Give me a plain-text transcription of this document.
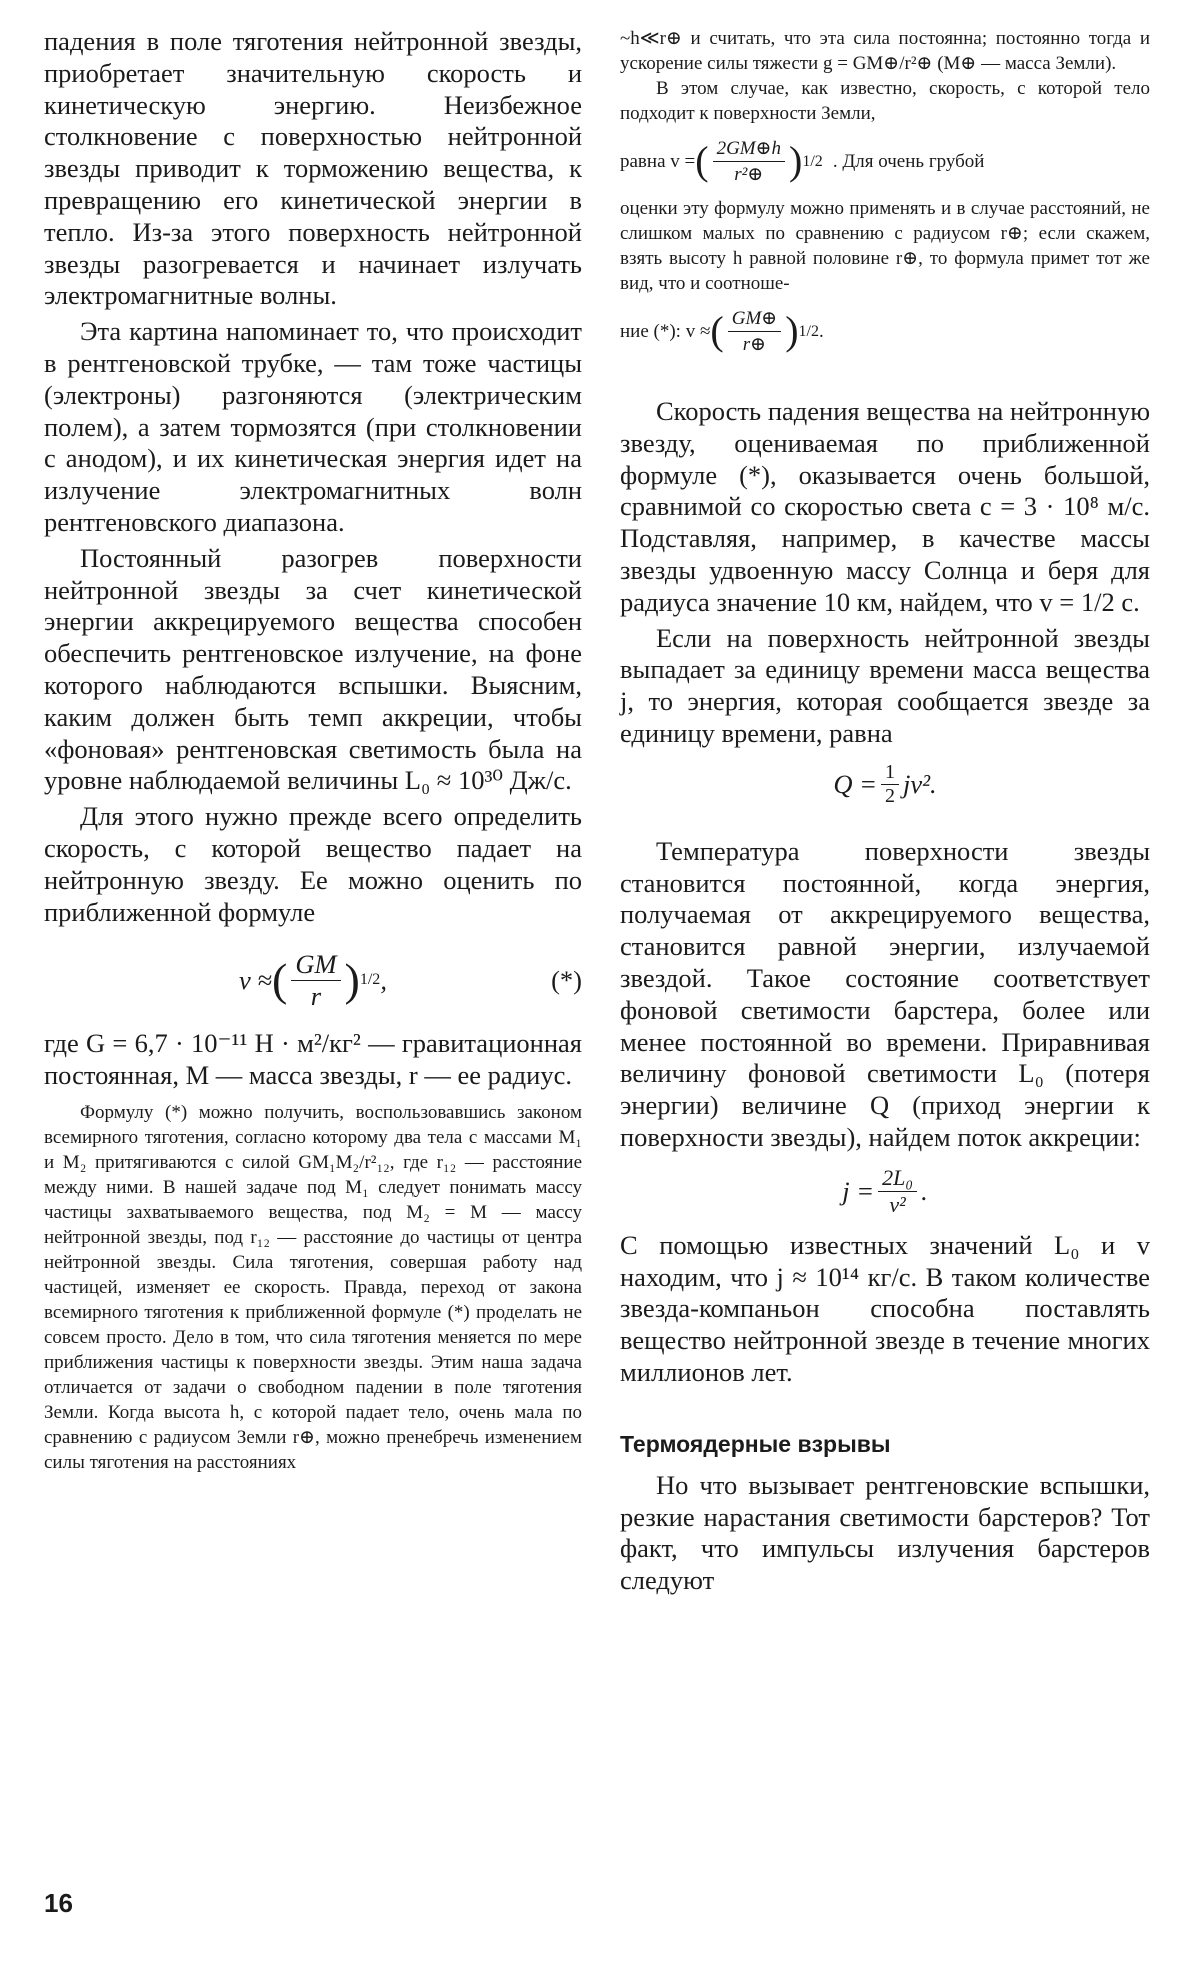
падения в поле тяготения нейтронной звезды, приобретает значительную скорость и кинетическую энергию. Неизбежное столкновение с поверхностью нейтронной звезды приводит к торможению вещества, к превращению его кинетической энергии в тепло. Из-за этого поверхность нейтронной звезды разогревается и начинает излучать электромагнитные волны.

Эта картина напоминает то, что происходит в рентгеновской трубке, — там тоже частицы (электроны) разгоняются (электрическим полем), а затем тормозятся (при столкновении с анодом), и их кинетическая энергия идет на излучение электромагнитных волн рентгеновского диапазона.

Постоянный разогрев поверхности нейтронной звезды за счет кинетической энергии аккрецируемого вещества способен обеспечить рентгеновское излучение, на фоне которого наблюдаются вспышки. Выясним, каким должен быть темп аккреции, чтобы «фоновая» рентгеновская светимость была на уровне наблюдаемой величины L₀ ≈ 10³⁰ Дж/с.

Для этого нужно прежде всего определить скорость, с которой вещество падает на нейтронную звезду. Ее можно оценить по приближенной формуле

v ≈ ( $\frac{GM}{r}$ ) 1/2 ,	(*)

где G = 6,7 · 10⁻¹¹ Н · м²/кг² — гравитационная постоянная, M — масса звезды, r — ее радиус.

Формулу (*) можно получить, воспользовавшись законом всемирного тяготения, согласно которому два тела с массами M₁ и M₂ притягиваются с силой GM₁M₂/r²₁₂, где r₁₂ — расстояние между ними. В нашей задаче под M₁ следует понимать массу частицы захватываемого вещества, под M₂ = M — массу нейтронной звезды, под r₁₂ — расстояние до частицы от центра нейтронной звезды. Сила тяготения, совершая работу над частицей, изменяет ее скорость. Правда, переход от закона всемирного тяготения к приближенной формуле (*) проделать не совсем просто. Дело в том, что сила тяготения меняется по мере приближения частицы к поверхности звезды. Этим наша задача отличается от задачи о свободном падении в поле тяготения Земли. Когда высота h, с которой падает тело, очень мала по сравнению с радиусом Земли r⊕, можно пренебречь изменением силы тяготения на расстояниях

~h≪r⊕ и считать, что эта сила постоянна; постоянно тогда и ускорение силы тяжести g = GM⊕/r²⊕ (M⊕ — масса Земли).

В этом случае, как известно, скорость, с которой тело подходит к поверхности Земли,

равна v = ( $\frac{2GM\oplus h}{\text{r²⊕}}$ ) 1/2 . Для очень грубой

оценки эту формулу можно применять и в случае расстояний, не слишком малых по сравнению с радиусом r⊕; если скажем, взять высоту h равной половине r⊕, то формула примет тот же вид, что и соотноше-

ние (*): v ≈ ( $\frac{GM\oplus}{r\oplus}$ ) 1/2 .

Скорость падения вещества на нейтронную звезду, оцениваемая по приближенной формуле (*), оказывается очень большой, сравнимой со скоростью света c = 3 · 10⁸ м/с. Подставляя, например, в качестве массы звезды удвоенную массу Солнца и беря для радиуса значение 10 км, найдем, что v = 1/2 c.

Если на поверхность нейтронной звезды выпадает за единицу времени масса вещества j, то энергия, которая сообщается звезде за единицу времени, равна

$Q = \frac{1}{2} jv^2$.

Температура поверхности звезды становится постоянной, когда энергия, получаемая от аккрецируемого вещества, становится равной энергии, излучаемой звездой. Такое состояние соответствует фоновой светимости барстера, более или менее постоянной во времени. Приравнивая величину фоновой светимости L₀ (потеря энергии) величине Q (приход энергии к поверхности звезды), найдем поток аккреции:

$j = \frac{\text{2L₀}}{\text{v²}}$ .

С помощью известных значений L₀ и v находим, что j ≈ 10¹⁴ кг/с. В таком количестве звезда-компаньон способна поставлять вещество нейтронной звезде в течение многих миллионов лет.

Термоядерные взрывы

Но что вызывает рентгеновские вспышки, резкие нарастания светимости барстеров? Тот факт, что импульсы излучения барстеров следуют

16
